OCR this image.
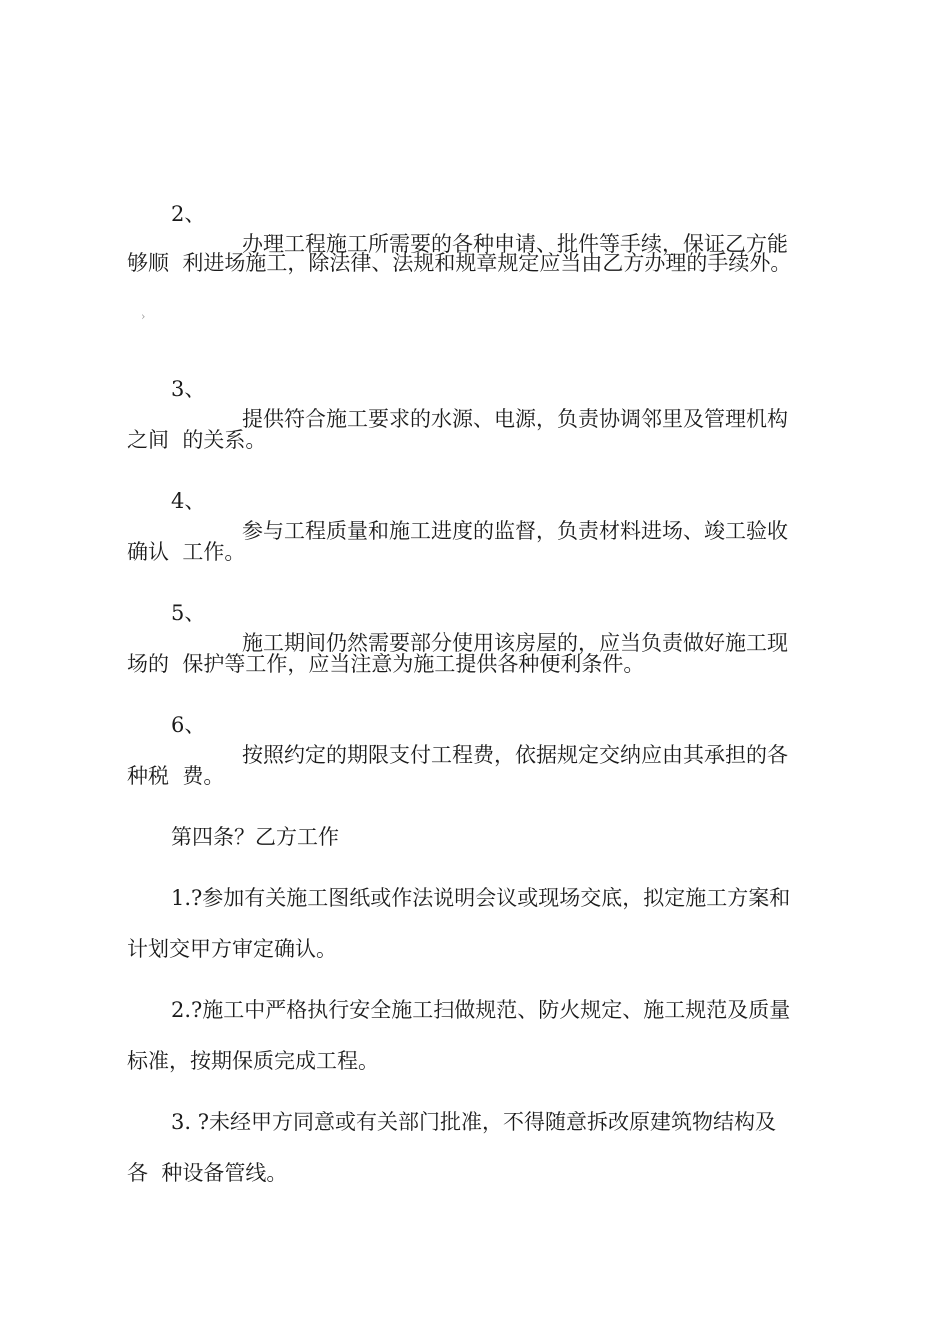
2、

办理工程施工所需要的各种申请、批件等手续，保证乙方能

够顺  利进场施工，除法律、法规和规章规定应当由乙方办理的手续外。

›

3、

提供符合施工要求的水源、电源，负责协调邻里及管理机构

之间  的关系。

4、

参与工程质量和施工进度的监督，负责材料进场、竣工验收

确认  工作。

5、

施工期间仍然需要部分使用该房屋的，应当负责做好施工现

场的  保护等工作，应当注意为施工提供各种便利条件。

6、

按照约定的期限支付工程费，依据规定交纳应由其承担的各

种税  费。

第四条？乙方工作

1.?参加有关施工图纸或作法说明会议或现场交底，拟定施工方案和

计划交甲方审定确认。

2.?施工中严格执行安全施工扫做规范、防火规定、施工规范及质量

标准，按期保质完成工程。

3. ?未经甲方同意或有关部门批准，不得随意拆改原建筑物结构及

各  种设备管线。
